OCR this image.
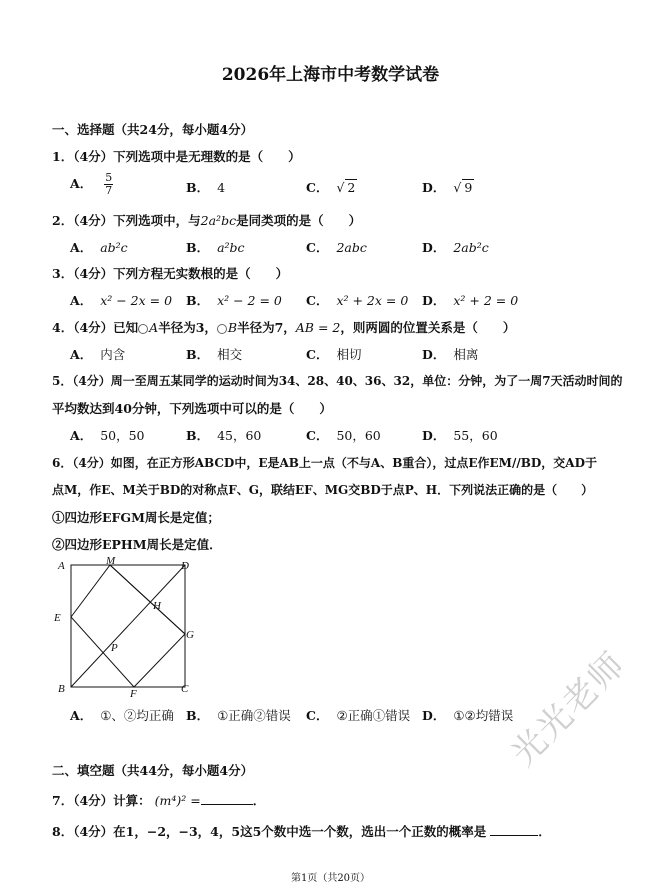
2026年上海市中考数学试卷
一、选择题（共24分，每小题4分）
1．（4分）下列选项中是无理数的是（　　）
A． $\frac{5}{7}$	B． 4	C． √ 2	D． √ 9
2．（4分）下列选项中，与2a²bc是同类项的是（　　）
A． ab²c	B． a²bc	C． 2abc	D． 2ab²c
3．（4分）下列方程无实数根的是（　　）
A． x² − 2x = 0 B． x² − 2 = 0 C． x² + 2x = 0 D． x² + 2 = 0
4．（4分）已知 A半径为3， B半径为7，AB = 2，则两圆的位置关系是（　　）
A． 内含	B． 相交	C． 相切	D． 相离
5．（4分）周一至周五某同学的运动时间为34、28、40、36、32，单位：分钟，为了一周7天活动时间的
平均数达到40分钟，下列选项中可以的是（　　）
A． 50，50	B． 45，60	C． 50，60	D． 55，60
6．（4分）如图，在正方形ABCD中，E是AB上一点（不与A、B重合），过点E作EM//BD，交AD于
点M，作E、M关于BD的对称点F、G，联结EF、MG交BD于点P、H．下列说法正确的是（　　）
①四边形EFGM周长是定值；
②四边形EPHM周长是定值．
A	M	D
E
H
G
P
B	F	C
A． ①、②均正确 B． ①正确②错误 C． ②正确①错误 D． ①②均错误
二、填空题（共44分，每小题4分）
7．（4分）计算： (m⁴)² =	．
8．（4分）在1，−2，−3，4，5这5个数中选一个数，选出一个正数的概率是	．
光光老师
第1页（共20页）
